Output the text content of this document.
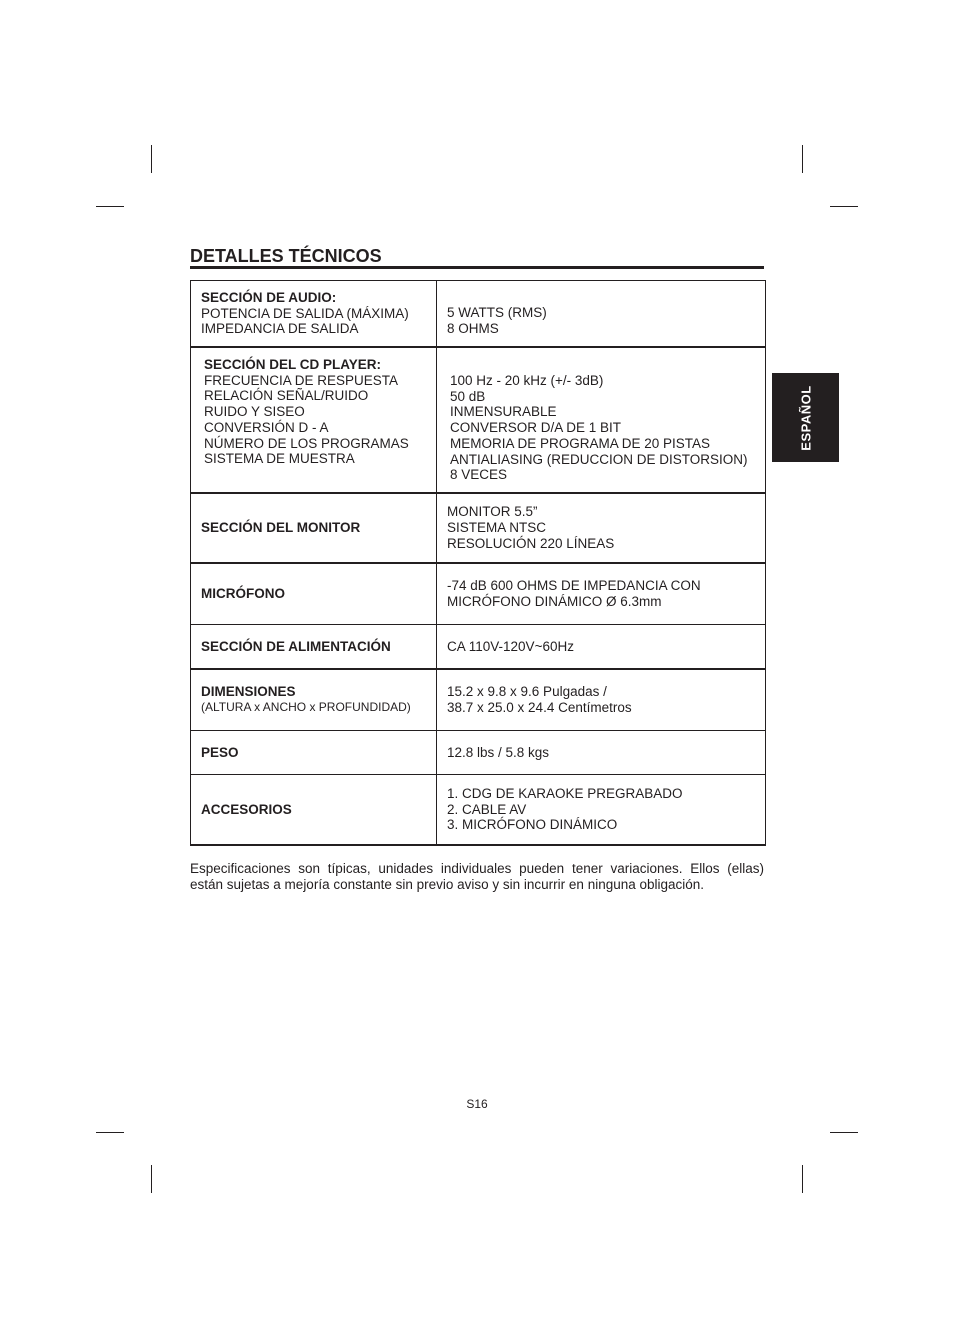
DETALLES TÉCNICOS
ESPAÑOL
SECCIÓN DE AUDIO:
POTENCIA DE SALIDA (MÁXIMA)
IMPEDANCIA DE SALIDA
5 WATTS (RMS)
8 OHMS
SECCIÓN DEL CD PLAYER:
FRECUENCIA DE RESPUESTA
RELACIÓN SEÑAL/RUIDO
RUIDO Y SISEO
CONVERSIÓN D - A
NÚMERO DE LOS PROGRAMAS
SISTEMA DE MUESTRA
100 Hz - 20 kHz (+/- 3dB)
50 dB
INMENSURABLE
CONVERSOR D/A DE 1 BIT
MEMORIA DE PROGRAMA DE 20 PISTAS
ANTIALIASING (REDUCCION DE DISTORSION)
8 VECES
SECCIÓN DEL MONITOR
MONITOR 5.5”
SISTEMA NTSC
RESOLUCIÓN 220 LÍNEAS
MICRÓFONO
-74 dB 600 OHMS DE IMPEDANCIA CON
MICRÓFONO DINÁMICO Ø 6.3mm
SECCIÓN DE ALIMENTACIÓN	CA 110V-120V~60Hz
DIMENSIONES
(ALTURA x ANCHO x PROFUNDIDAD)
15.2 x 9.8 x 9.6 Pulgadas /
38.7 x 25.0 x 24.4 Centímetros
PESO	12.8 lbs / 5.8 kgs
ACCESORIOS
1. CDG DE KARAOKE PREGRABADO
2. CABLE AV
3. MICRÓFONO DINÁMICO
Especificaciones son típicas, unidades individuales pueden tener variaciones. Ellos (ellas)
están sujetas a mejoría constante sin previo aviso y sin incurrir en ninguna obligación.
S16
